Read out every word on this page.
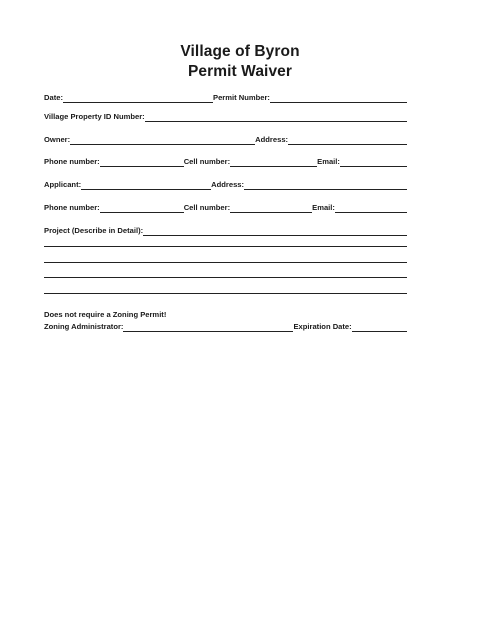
Village of Byron
Permit Waiver
Date:	Permit Number:
Village Property ID Number:
Owner:	Address:
Phone number:	Cell number:	Email:
Applicant:	Address:
Phone number:	Cell number:	Email:
Project (Describe in Detail):
Does not require a Zoning Permit!
Zoning Administrator:	Expiration Date:
